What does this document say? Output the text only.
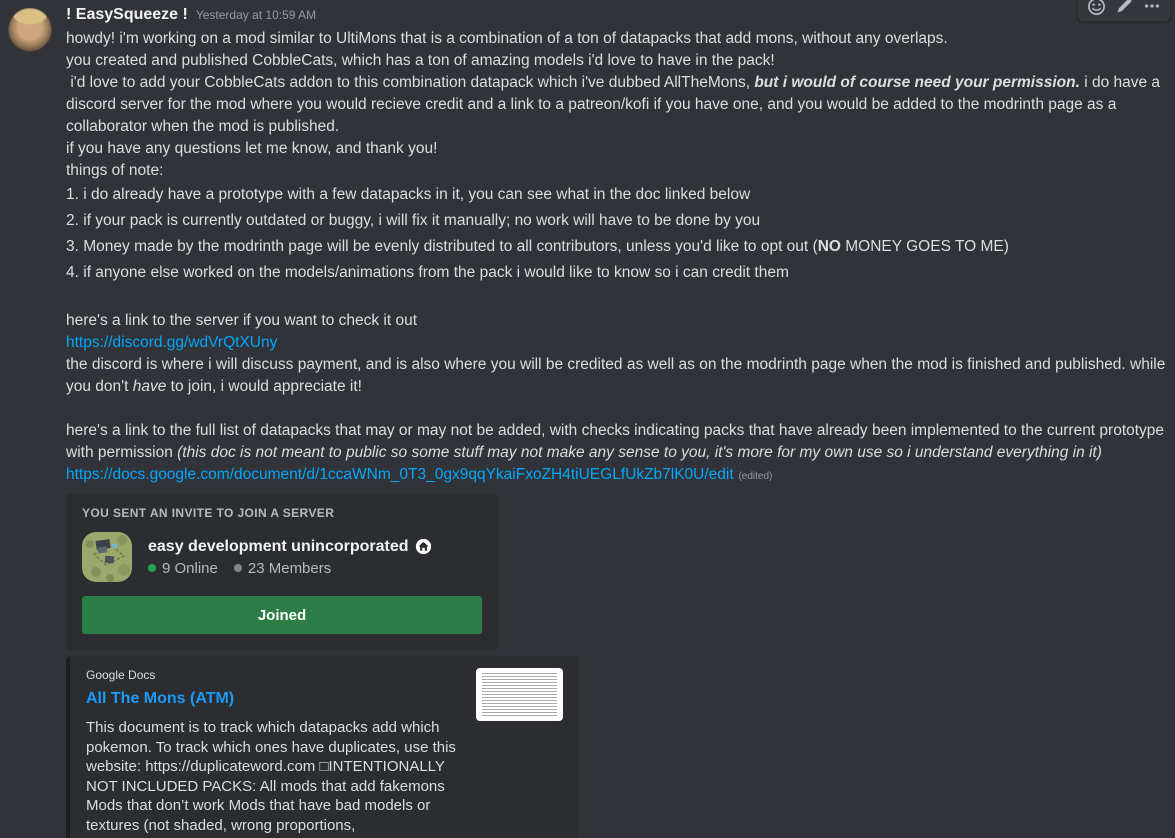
! EasySqueeze ! Yesterday at 10:59 AM
howdy! i'm working on a mod similar to UltiMons that is a combination of a ton of datapacks that add mons, without any overlaps.
you created and published CobbleCats, which has a ton of amazing models i'd love to have in the pack!
i'd love to add your CobbleCats addon to this combination datapack which i've dubbed AllTheMons, but i would of course need your permission. i do have a discord server for the mod where you would recieve credit and a link to a patreon/kofi if you have one, and you would be added to the modrinth page as a collaborator when the mod is published.
if you have any questions let me know, and thank you!
things of note:
i do already have a prototype with a few datapacks in it, you can see what in the doc linked below
if your pack is currently outdated or buggy, i will fix it manually; no work will have to be done by you
Money made by the modrinth page will be evenly distributed to all contributors, unless you'd like to opt out (NO MONEY GOES TO ME)
if anyone else worked on the models/animations from the pack i would like to know so i can credit them
here's a link to the server if you want to check it out
https://discord.gg/wdVrQtXUny
the discord is where i will discuss payment, and is also where you will be credited as well as on the modrinth page when the mod is finished and published. while you don't have to join, i would appreciate it!
here's a link to the full list of datapacks that may or may not be added, with checks indicating packs that have already been implemented to the current prototype with permission (this doc is not meant to public so some stuff may not make any sense to you, it's more for my own use so i understand everything in it)
https://docs.google.com/document/d/1ccaWNm_0T3_0gx9qqYkaiFxoZH4tiUEGLfUkZb7lK0U/edit (edited)
YOU SENT AN INVITE TO JOIN A SERVER
easy development unincorporated
9 Online 23 Members
Joined
Google Docs
All The Mons (ATM)
This document is to track which datapacks add which pokemon. To track which ones have duplicates, use this website: https://duplicateword.com □INTENTIONALLY NOT INCLUDED PACKS: All mods that add fakemons Mods that don’t work Mods that have bad models or textures (not shaded, wrong proportions,
